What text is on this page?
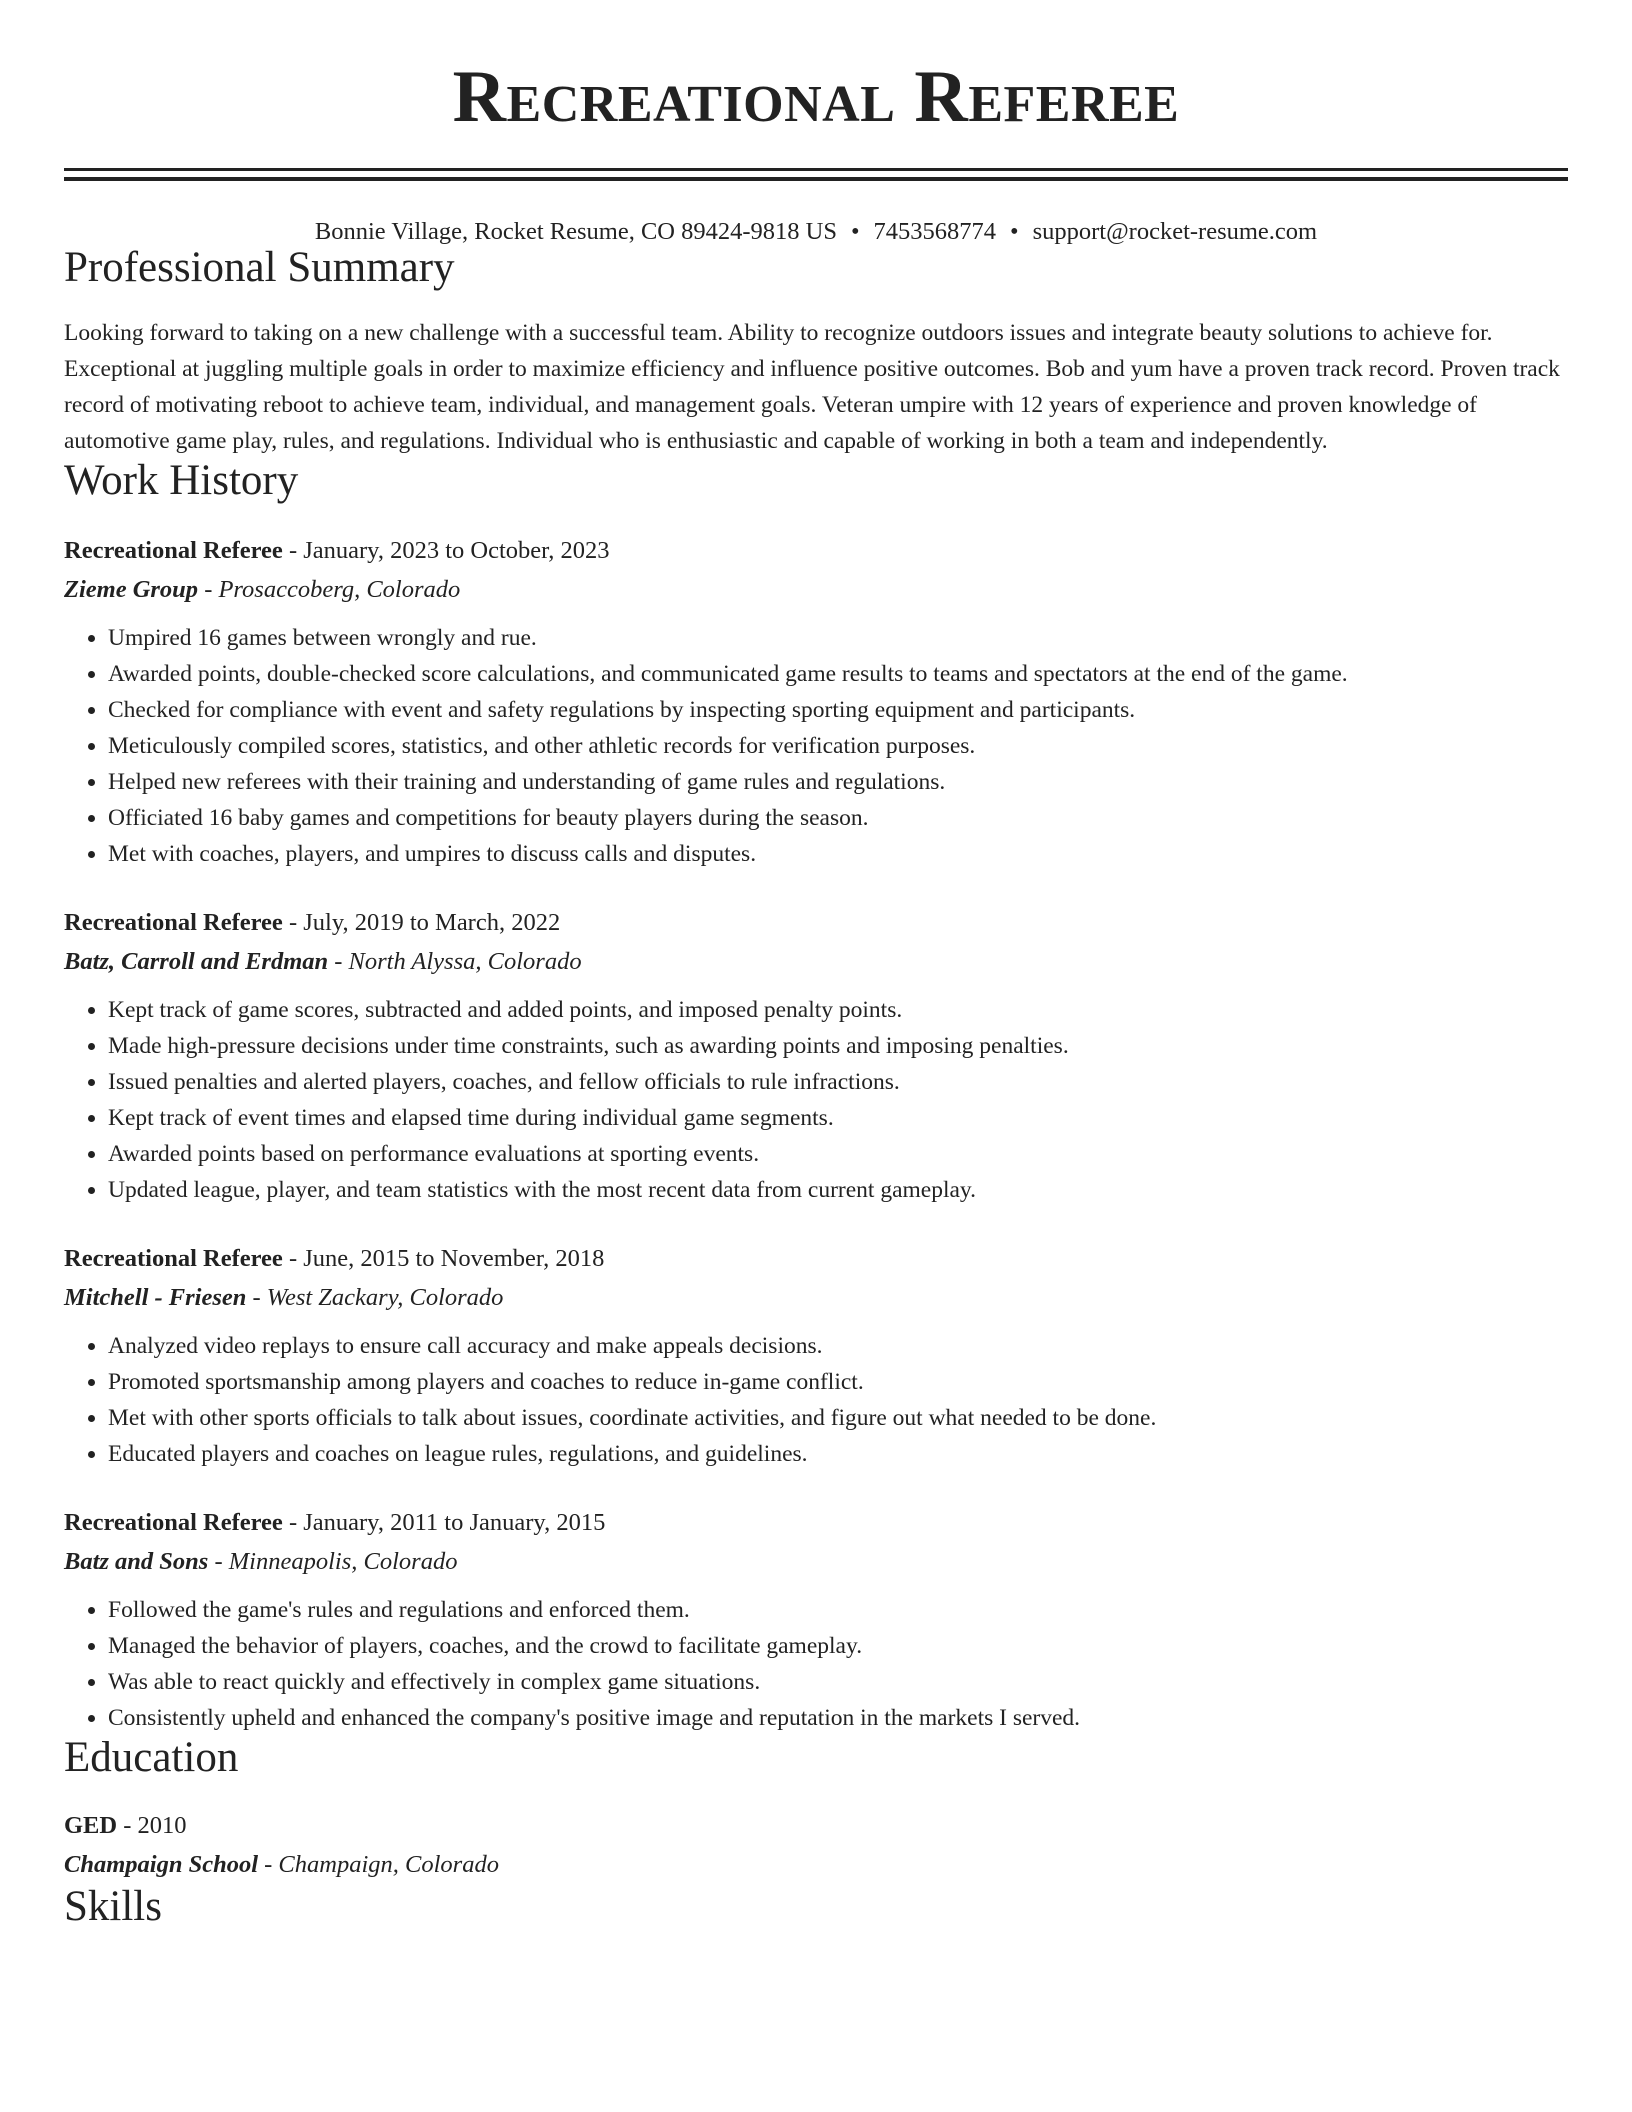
Recreational Referee
Bonnie Village, Rocket Resume, CO 89424-9818 US • 7453568774 • support@rocket-resume.com
Professional Summary

Looking forward to taking on a new challenge with a successful team. Ability to recognize outdoors issues and integrate beauty solutions to achieve for. Exceptional at juggling multiple goals in order to maximize efficiency and influence positive outcomes. Bob and yum have a proven track record. Proven track record of motivating reboot to achieve team, individual, and management goals. Veteran umpire with 12 years of experience and proven knowledge of automotive game play, rules, and regulations. Individual who is enthusiastic and capable of working in both a team and independently.

Work History
Recreational Referee - January, 2023 to October, 2023
Zieme Group - Prosaccoberg, Colorado
• Umpired 16 games between wrongly and rue.
• Awarded points, double-checked score calculations, and communicated game results to teams and spectators at the end of the game.
• Checked for compliance with event and safety regulations by inspecting sporting equipment and participants.
• Meticulously compiled scores, statistics, and other athletic records for verification purposes.
• Helped new referees with their training and understanding of game rules and regulations.
• Officiated 16 baby games and competitions for beauty players during the season.
• Met with coaches, players, and umpires to discuss calls and disputes.
Recreational Referee - July, 2019 to March, 2022
Batz, Carroll and Erdman - North Alyssa, Colorado
• Kept track of game scores, subtracted and added points, and imposed penalty points.
• Made high-pressure decisions under time constraints, such as awarding points and imposing penalties.
• Issued penalties and alerted players, coaches, and fellow officials to rule infractions.
• Kept track of event times and elapsed time during individual game segments.
• Awarded points based on performance evaluations at sporting events.
• Updated league, player, and team statistics with the most recent data from current gameplay.
Recreational Referee - June, 2015 to November, 2018
Mitchell - Friesen - West Zackary, Colorado
• Analyzed video replays to ensure call accuracy and make appeals decisions.
• Promoted sportsmanship among players and coaches to reduce in-game conflict.
• Met with other sports officials to talk about issues, coordinate activities, and figure out what needed to be done.
• Educated players and coaches on league rules, regulations, and guidelines.
Recreational Referee - January, 2011 to January, 2015
Batz and Sons - Minneapolis, Colorado
• Followed the game's rules and regulations and enforced them.
• Managed the behavior of players, coaches, and the crowd to facilitate gameplay.
• Was able to react quickly and effectively in complex game situations.
• Consistently upheld and enhanced the company's positive image and reputation in the markets I served.
Education
GED - 2010
Champaign School - Champaign, Colorado
Skills
